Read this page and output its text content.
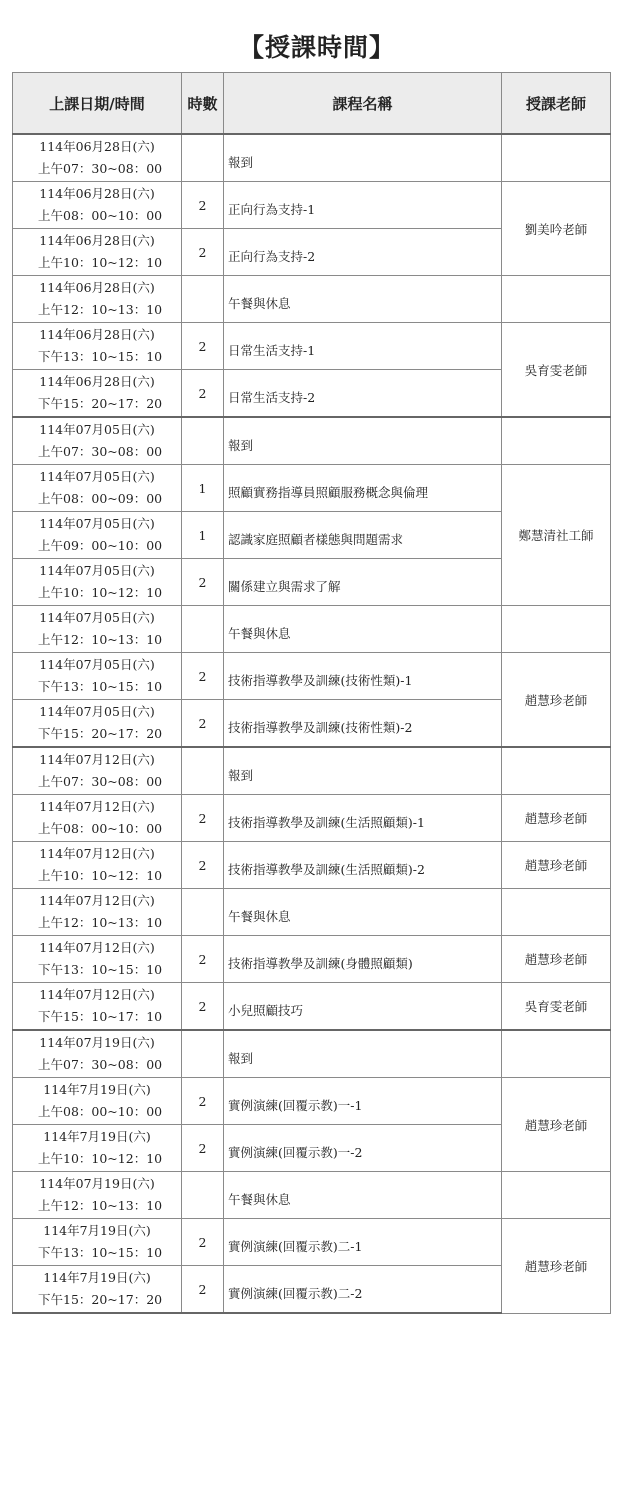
【授課時間】
上課日期/時間	時數	課程名稱	授課老師

114年06月28日(六)
上午07：30~08：00		報到	

114年06月28日(六)
上午08：00~10：00	2	正向行為支持-1	劉美吟老師

114年06月28日(六)
上午10：10~12：10	2	正向行為支持-2	

114年06月28日(六)
上午12：10~13：10		午餐與休息	

114年06月28日(六)
下午13：10~15：10	2	日常生活支持-1	吳育雯老師

114年06月28日(六)
下午15：20~17：20	2	日常生活支持-2	

114年07月05日(六)
上午07：30~08：00		報到	

114年07月05日(六)
上午08：00~09：00	1	照顧實務指導員照顧服務概念與倫理	鄭慧清社工師

114年07月05日(六)
上午09：00~10：00	1	認識家庭照顧者樣態與問題需求	

114年07月05日(六)
上午10：10~12：10	2	關係建立與需求了解	

114年07月05日(六)
上午12：10~13：10		午餐與休息	

114年07月05日(六)
下午13：10~15：10	2	技術指導教學及訓練(技術性類)-1	趙慧珍老師

114年07月05日(六)
下午15：20~17：20	2	技術指導教學及訓練(技術性類)-2	

114年07月12日(六)
上午07：30~08：00		報到	

114年07月12日(六)
上午08：00~10：00	2	技術指導教學及訓練(生活照顧類)-1	趙慧珍老師

114年07月12日(六)
上午10：10~12：10	2	技術指導教學及訓練(生活照顧類)-2	趙慧珍老師

114年07月12日(六)
上午12：10~13：10		午餐與休息	

114年07月12日(六)
下午13：10~15：10	2	技術指導教學及訓練(身體照顧類)	趙慧珍老師

114年07月12日(六)
下午15：10~17：10	2	小兒照顧技巧	吳育雯老師

114年07月19日(六)
上午07：30~08：00		報到	

114年7月19日(六)
上午08：00~10：00	2	實例演練(回覆示教)一-1	趙慧珍老師

114年7月19日(六)
上午10：10~12：10	2	實例演練(回覆示教)一-2	

114年07月19日(六)
上午12：10~13：10		午餐與休息	

114年7月19日(六)
下午13：10~15：10	2	實例演練(回覆示教)二-1	趙慧珍老師

114年7月19日(六)
下午15：20~17：20	2	實例演練(回覆示教)二-2	
